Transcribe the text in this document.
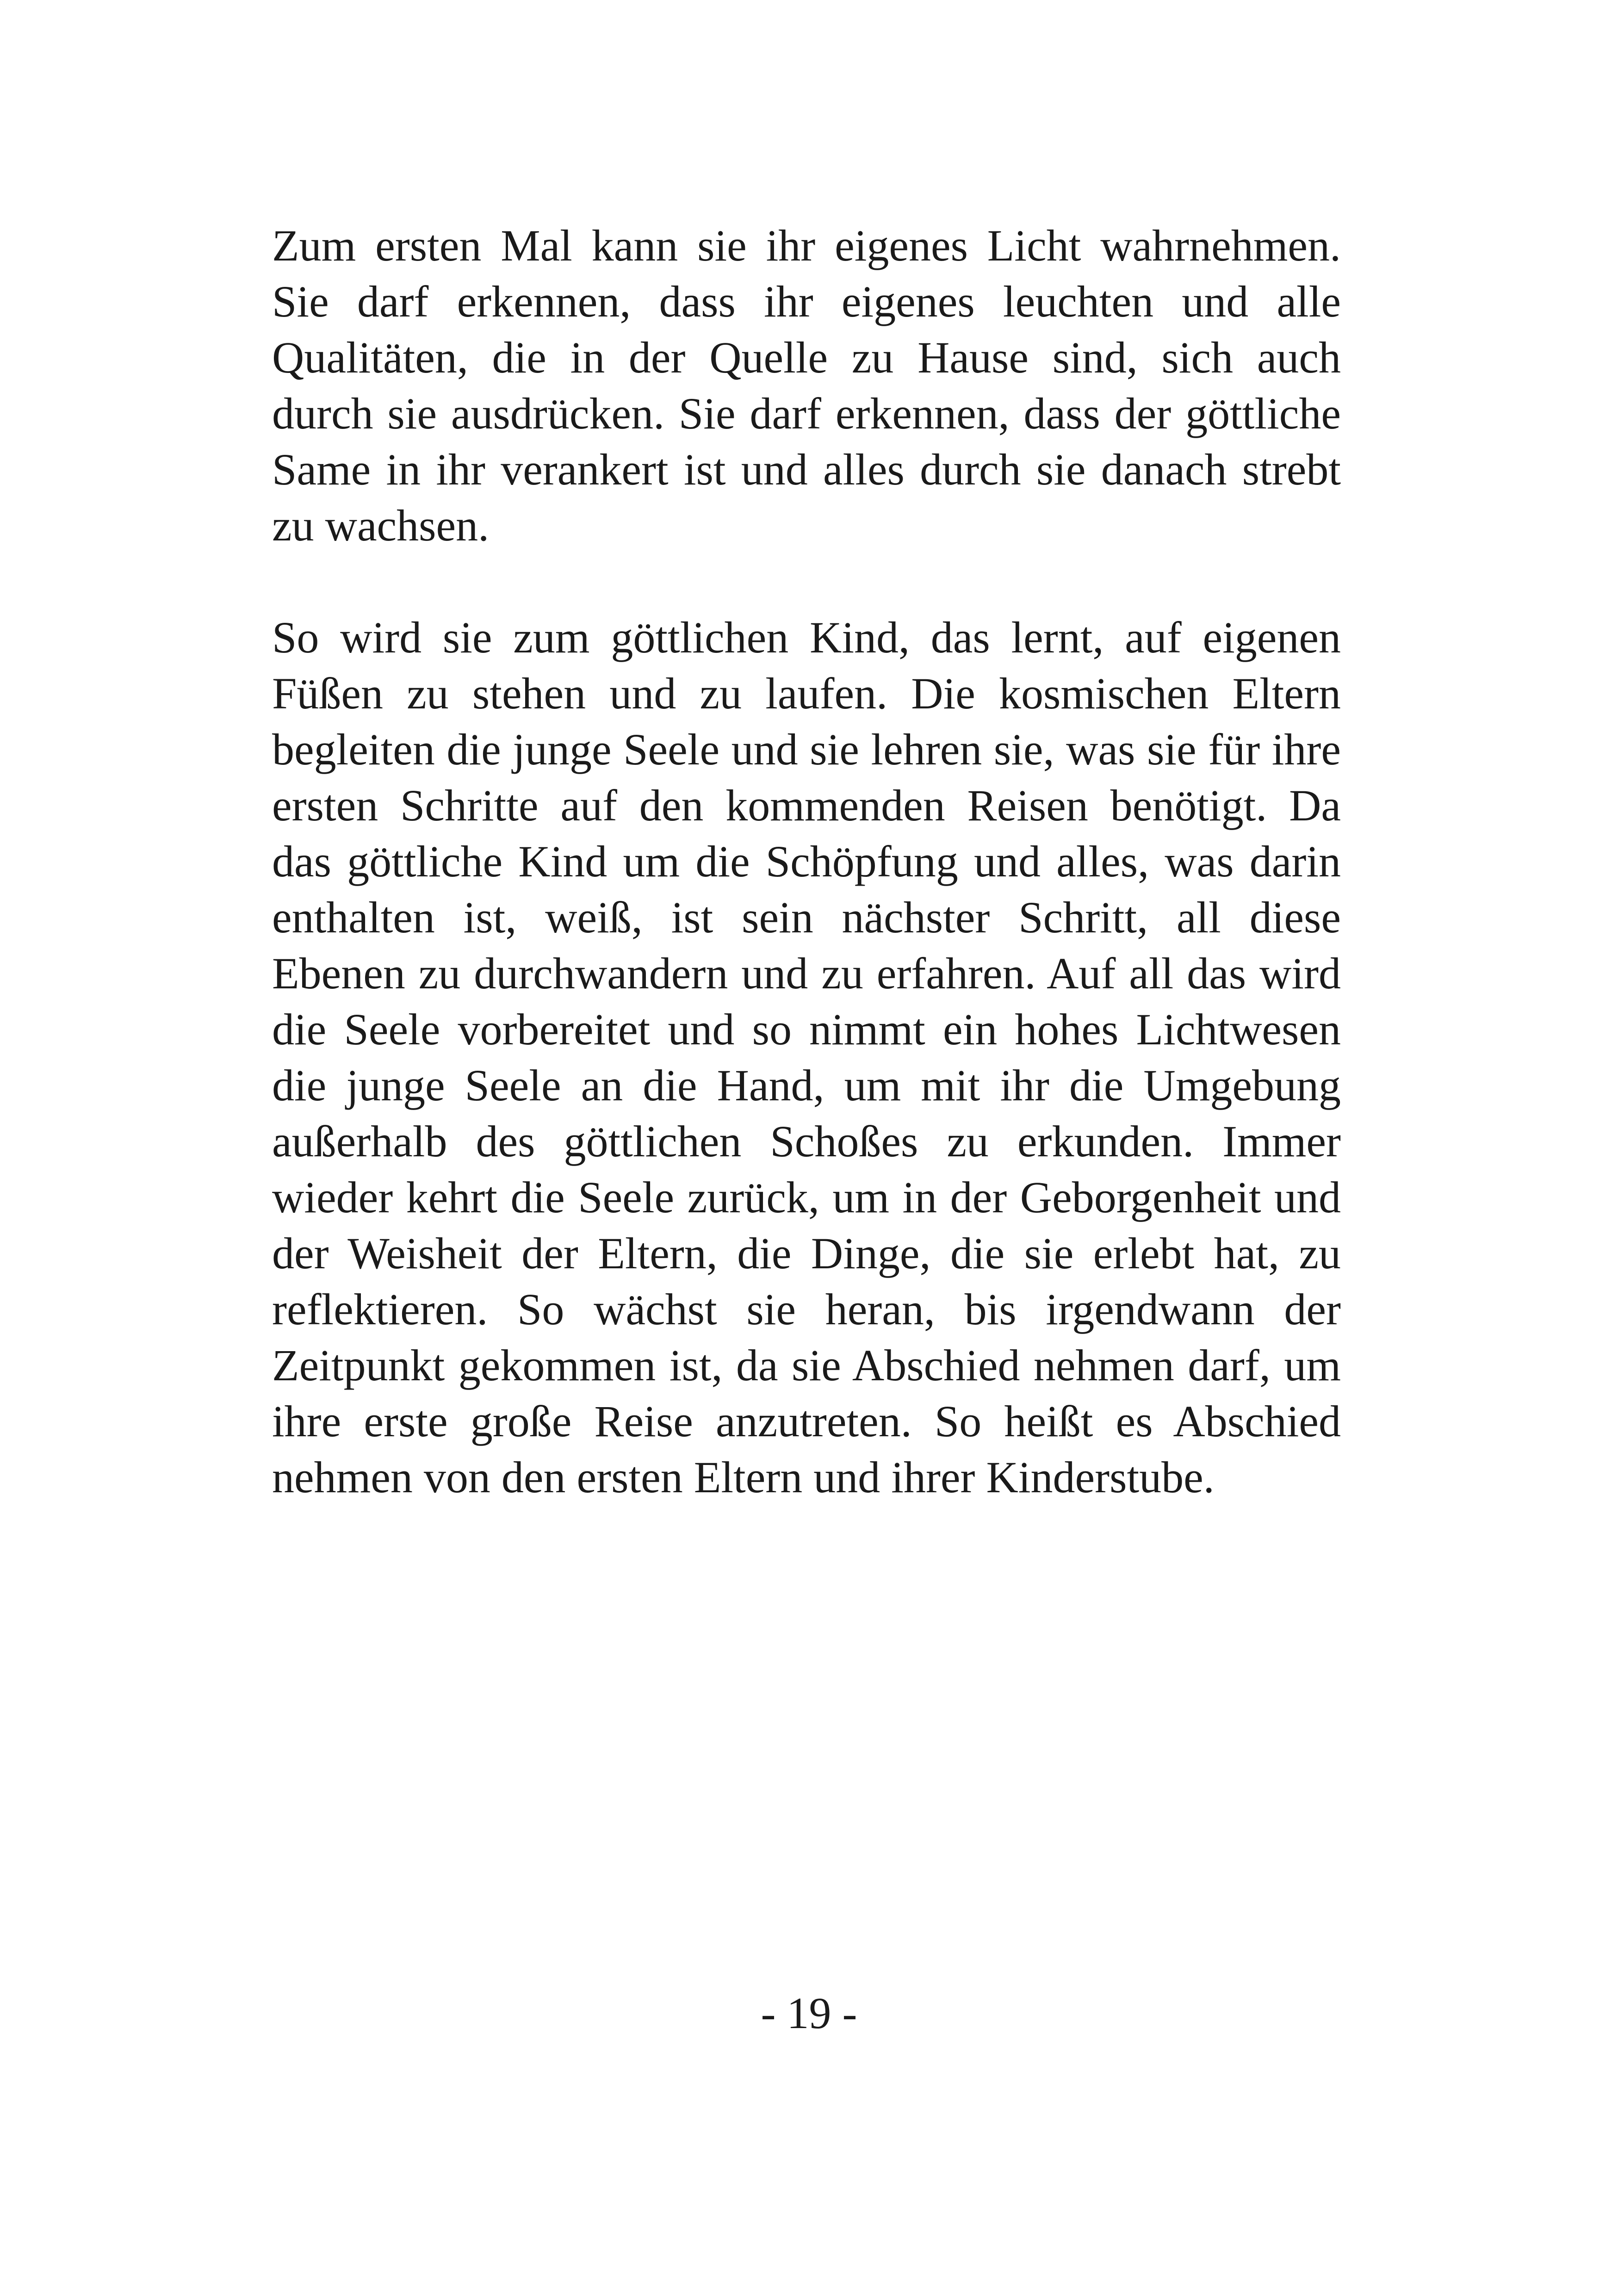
Zum ersten Mal kann sie ihr eigenes Licht wahrnehmen.
Sie darf erkennen, dass ihr eigenes leuchten und alle
Qualitäten, die in der Quelle zu Hause sind, sich auch
durch sie ausdrücken. Sie darf erkennen, dass der göttliche
Same in ihr verankert ist und alles durch sie danach strebt
zu wachsen.

So wird sie zum göttlichen Kind, das lernt, auf eigenen
Füßen zu stehen und zu laufen. Die kosmischen Eltern
begleiten die junge Seele und sie lehren sie, was sie für ihre
ersten Schritte auf den kommenden Reisen benötigt. Da
das göttliche Kind um die Schöpfung und alles, was darin
enthalten ist, weiß, ist sein nächster Schritt, all diese
Ebenen zu durchwandern und zu erfahren. Auf all das wird
die Seele vorbereitet und so nimmt ein hohes Lichtwesen
die junge Seele an die Hand, um mit ihr die Umgebung
außerhalb des göttlichen Schoßes zu erkunden. Immer
wieder kehrt die Seele zurück, um in der Geborgenheit und
der Weisheit der Eltern, die Dinge, die sie erlebt hat, zu
reflektieren. So wächst sie heran, bis irgendwann der
Zeitpunkt gekommen ist, da sie Abschied nehmen darf, um
ihre erste große Reise anzutreten. So heißt es Abschied
nehmen von den ersten Eltern und ihrer Kinderstube.

- 19 -
